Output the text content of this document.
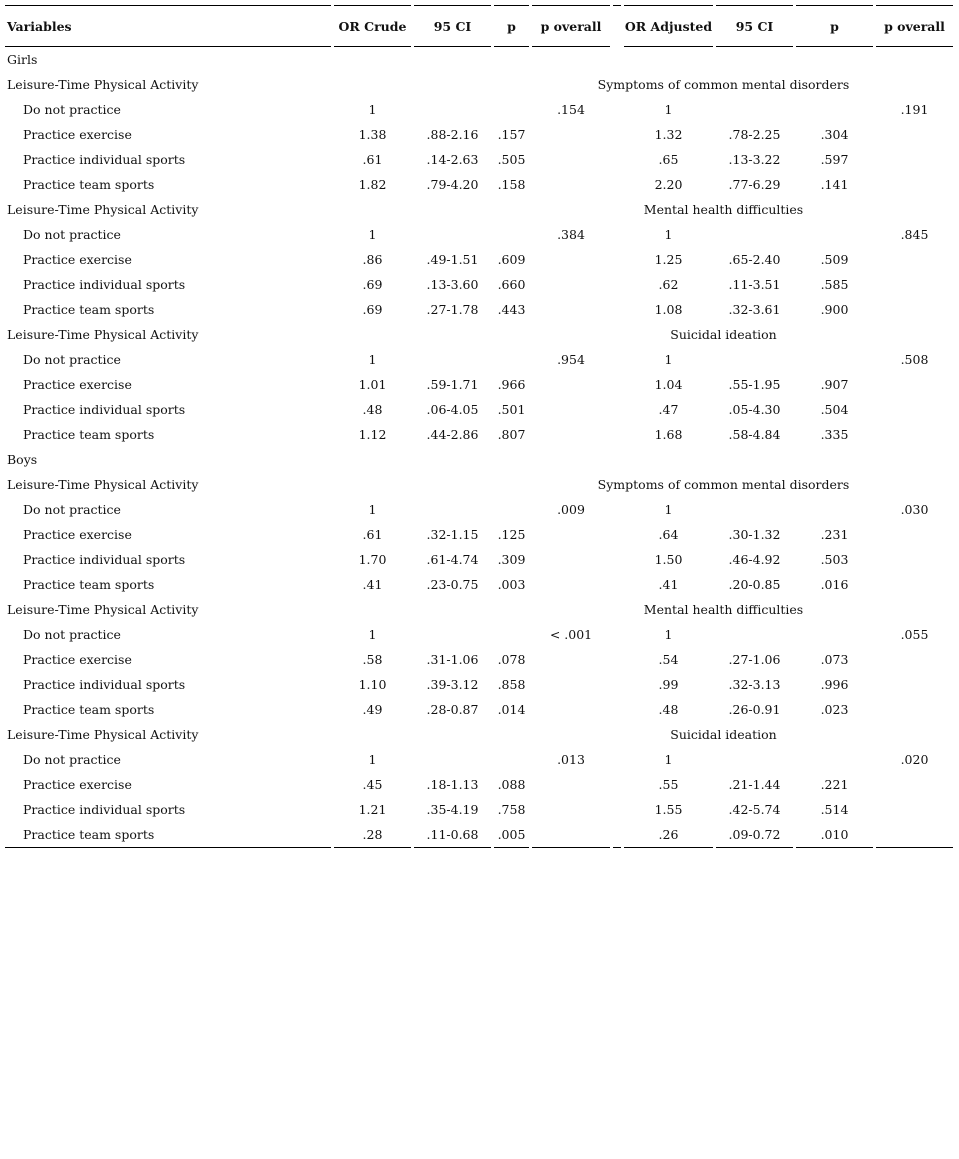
Variables	OR Crude	95 CI	p	p overall		OR Adjusted	95 CI	p	p overall
Girls									
Leisure-Time Physical Activity			Symptoms of common mental disorders						
Do not practice	1			.154		1			.191
Practice exercise	1.38	.88-2.16	.157			1.32	.78-2.25	.304	
Practice individual sports	.61	.14-2.63	.505			.65	.13-3.22	.597	
Practice team sports	1.82	.79-4.20	.158			2.20	.77-6.29	.141	
Leisure-Time Physical Activity			Mental health difficulties						
Do not practice	1			.384		1			.845
Practice exercise	.86	.49-1.51	.609			1.25	.65-2.40	.509	
Practice individual sports	.69	.13-3.60	.660			.62	.11-3.51	.585	
Practice team sports	.69	.27-1.78	.443			1.08	.32-3.61	.900	
Leisure-Time Physical Activity			Suicidal ideation						
Do not practice	1			.954		1			.508
Practice exercise	1.01	.59-1.71	.966			1.04	.55-1.95	.907	
Practice individual sports	.48	.06-4.05	.501			.47	.05-4.30	.504	
Practice team sports	1.12	.44-2.86	.807			1.68	.58-4.84	.335	
Boys									
Leisure-Time Physical Activity			Symptoms of common mental disorders						
Do not practice	1			.009		1			.030
Practice exercise	.61	.32-1.15	.125			.64	.30-1.32	.231	
Practice individual sports	1.70	.61-4.74	.309			1.50	.46-4.92	.503	
Practice team sports	.41	.23-0.75	.003			.41	.20-0.85	.016	
Leisure-Time Physical Activity			Mental health difficulties						
Do not practice	1			< .001		1			.055
Practice exercise	.58	.31-1.06	.078			.54	.27-1.06	.073	
Practice individual sports	1.10	.39-3.12	.858			.99	.32-3.13	.996	
Practice team sports	.49	.28-0.87	.014			.48	.26-0.91	.023	
Leisure-Time Physical Activity			Suicidal ideation						
Do not practice	1			.013		1			.020
Practice exercise	.45	.18-1.13	.088			.55	.21-1.44	.221	
Practice individual sports	1.21	.35-4.19	.758			1.55	.42-5.74	.514	
Practice team sports	.28	.11-0.68	.005			.26	.09-0.72	.010	
